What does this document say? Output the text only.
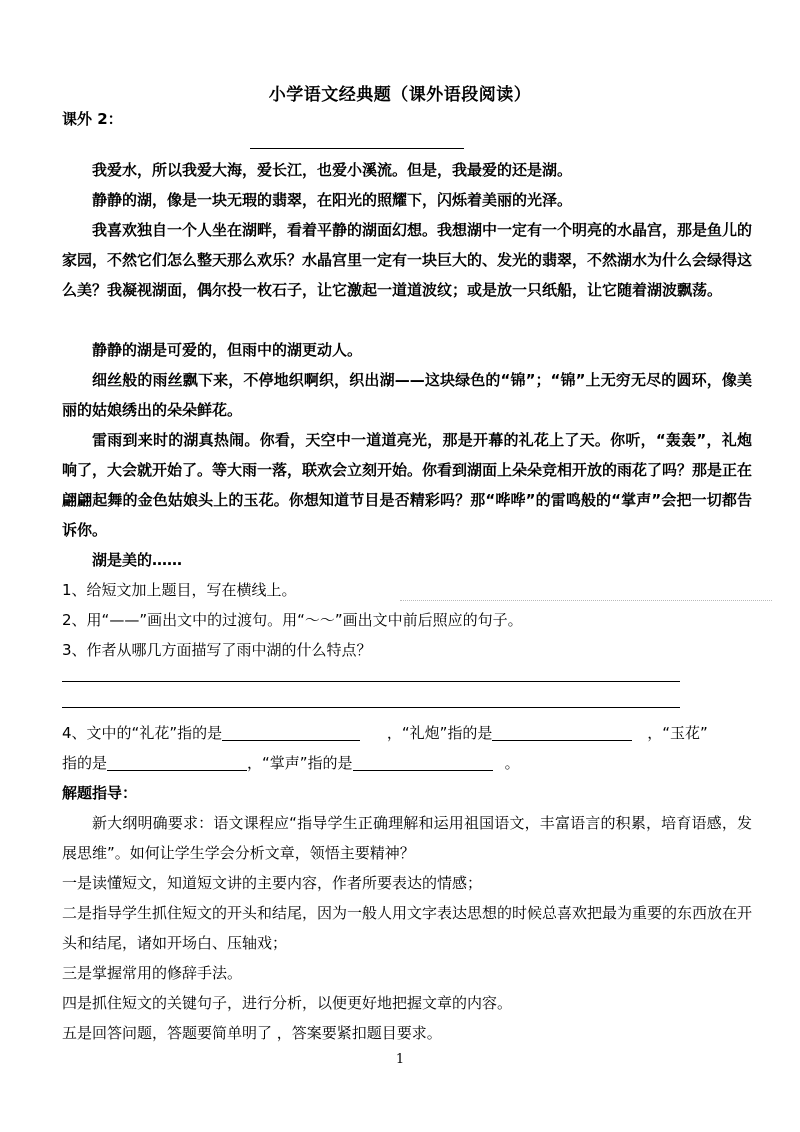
小学语文经典题（课外语段阅读）
课外 2：
我爱水，所以我爱大海，爱长江，也爱小溪流。但是，我最爱的还是湖。
静静的湖，像是一块无瑕的翡翠，在阳光的照耀下，闪烁着美丽的光泽。
我喜欢独自一个人坐在湖畔，看着平静的湖面幻想。我想湖中一定有一个明亮的水晶宫，那是鱼儿的家园，不然它们怎么整天那么欢乐？水晶宫里一定有一块巨大的、发光的翡翠，不然湖水为什么会绿得这么美？我凝视湖面，偶尔投一枚石子，让它激起一道道波纹；或是放一只纸船，让它随着湖波飘荡。
静静的湖是可爱的，但雨中的湖更动人。
细丝般的雨丝飘下来，不停地织啊织，织出湖——这块绿色的“锦”；“锦”上无穷无尽的圆环，像美丽的姑娘绣出的朵朵鲜花。
雷雨到来时的湖真热闹。你看，天空中一道道亮光，那是开幕的礼花上了天。你听，“轰轰”，礼炮响了，大会就开始了。等大雨一落，联欢会立刻开始。你看到湖面上朵朵竞相开放的雨花了吗？那是正在翩翩起舞的金色姑娘头上的玉花。你想知道节目是否精彩吗？那“哗哗”的雷鸣般的“掌声”会把一切都告诉你。
湖是美的……
1、给短文加上题目，写在横线上。
2、用“——”画出文中的过渡句。用“～～”画出文中前后照应的句子。
3、作者从哪几方面描写了雨中湖的什么特点？
4、文中的“礼花”指的是	，“礼炮”指的是	，“玉花”
指的是	，“掌声”指的是	。
解题指导：
新大纲明确要求：语文课程应“指导学生正确理解和运用祖国语文，丰富语言的积累，培育语感，发展思维”。如何让学生学会分析文章，领悟主要精神？
一是读懂短文，知道短文讲的主要内容，作者所要表达的情感；
二是指导学生抓住短文的开头和结尾，因为一般人用文字表达思想的时候总喜欢把最为重要的东西放在开头和结尾，诸如开场白、压轴戏；
三是掌握常用的修辞手法。
四是抓住短文的关键句子，进行分析，以便更好地把握文章的内容。
五是回答问题，答题要简单明了 ，答案要紧扣题目要求。
1
